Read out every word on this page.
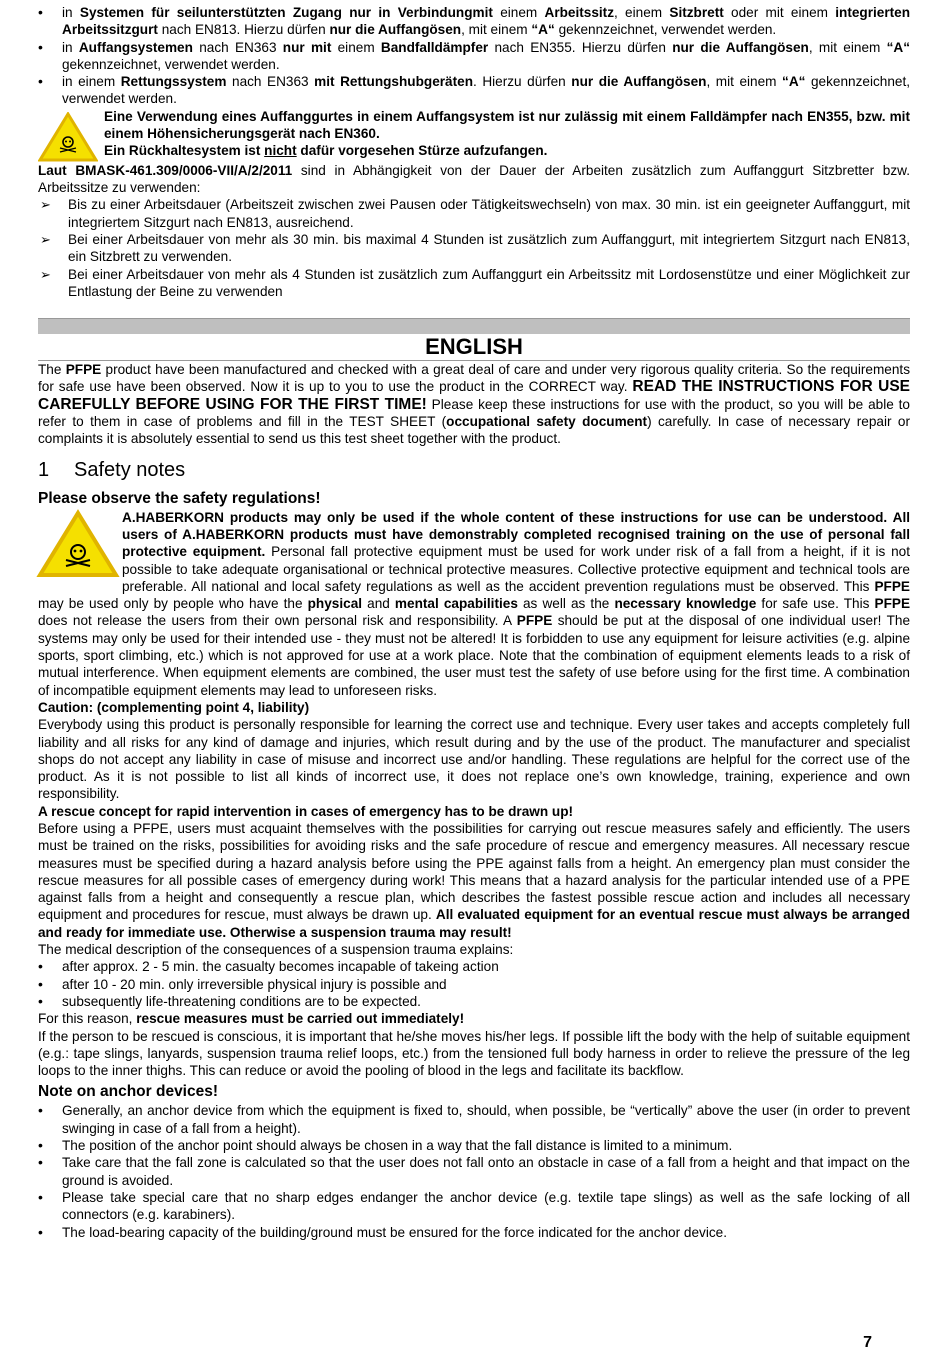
• in Systemen für seilunterstützten Zugang nur in Verbindungmit einem Arbeitssitz, einem Sitzbrett oder mit einem integrierten Arbeitssitzgurt nach EN813. Hierzu dürfen nur die Auffangösen, mit einem “A“ gekennzeichnet, verwendet werden.
• in Auffangsystemen nach EN363 nur mit einem Bandfalldämpfer nach EN355. Hierzu dürfen nur die Auffangösen, mit einem “A“ gekennzeichnet, verwendet werden.
• in einem Rettungssystem nach EN363 mit Rettungshubgeräten. Hierzu dürfen nur die Auffangösen, mit einem “A“ gekennzeichnet, verwendet werden.

Eine Verwendung eines Auffanggurtes in einem Auffangsystem ist nur zulässig mit einem Falldämpfer nach EN355, bzw. mit einem Höhensicherungsgerät nach EN360.
Ein Rückhaltesystem ist nicht dafür vorgesehen Stürze aufzufangen.

Laut BMASK-461.309/0006-VII/A/2/2011 sind in Abhängigkeit von der Dauer der Arbeiten zusätzlich zum Auffanggurt Sitzbretter bzw. Arbeitssitze zu verwenden:

➢ Bis zu einer Arbeitsdauer (Arbeitszeit zwischen zwei Pausen oder Tätigkeitswechseln) von max. 30 min. ist ein geeigneter Auffanggurt, mit integriertem Sitzgurt nach EN813, ausreichend.
➢ Bei einer Arbeitsdauer von mehr als 30 min. bis maximal 4 Stunden ist zusätzlich zum Auffanggurt, mit integriertem Sitzgurt nach EN813, ein Sitzbrett zu verwenden.
➢ Bei einer Arbeitsdauer von mehr als 4 Stunden ist zusätzlich zum Auffanggurt ein Arbeitssitz mit Lordosenstütze und einer Möglichkeit zur Entlastung der Beine zu verwenden
ENGLISH

The PFPE product have been manufactured and checked with a great deal of care and under very rigorous quality criteria. So the requirements for safe use have been observed. Now it is up to you to use the product in the CORRECT way. READ THE INSTRUCTIONS FOR USE CAREFULLY BEFORE USING FOR THE FIRST TIME! Please keep these instructions for use with the product, so you will be able to refer to them in case of problems and fill in the TEST SHEET (occupational safety document) carefully. In case of necessary repair or complaints it is absolutely essential to send us this test sheet together with the product.

1 Safety notes
Please observe the safety regulations!

A.HABERKORN products may only be used if the whole content of these instructions for use can be understood. All users of A.HABERKORN products must have demonstrably completed recognised training on the use of personal fall protective equipment. Personal fall protective equipment must be used for work under risk of a fall from a height, if it is not possible to take adequate organisational or technical protective measures. Collective protective equipment and technical tools are preferable. All national and local safety regulations as well as the accident prevention regulations must be observed. This PFPE may be used only by people who have the physical and mental capabilities as well as the necessary knowledge for safe use. This PFPE does not release the users from their own personal risk and responsibility. A PFPE should be put at the disposal of one individual user! The systems may only be used for their intended use - they must not be altered! It is forbidden to use any equipment for leisure activities (e.g. alpine sports, sport climbing, etc.) which is not approved for use at a work place. Note that the combination of equipment elements leads to a risk of mutual interference. When equipment elements are combined, the user must test the safety of use before using for the first time. A combination of incompatible equipment elements may lead to unforeseen risks.

Caution: (complementing point 4, liability)

Everybody using this product is personally responsible for learning the correct use and technique. Every user takes and accepts completely full liability and all risks for any kind of damage and injuries, which result during and by the use of the product. The manufacturer and specialist shops do not accept any liability in case of misuse and incorrect use and/or handling. These regulations are helpful for the correct use of the product. As it is not possible to list all kinds of incorrect use, it does not replace one’s own knowledge, training, experience and own responsibility.

A rescue concept for rapid intervention in cases of emergency has to be drawn up!

Before using a PFPE, users must acquaint themselves with the possibilities for carrying out rescue measures safely and efficiently. The users must be trained on the risks, possibilities for avoiding risks and the safe procedure of rescue and emergency measures. All necessary rescue measures must be specified during a hazard analysis before using the PPE against falls from a height. An emergency plan must consider the rescue measures for all possible cases of emergency during work! This means that a hazard analysis for the particular intended use of a PPE against falls from a height and consequently a rescue plan, which describes the fastest possible rescue action and includes all necessary equipment and procedures for rescue, must always be drawn up. All evaluated equipment for an eventual rescue must always be arranged and ready for immediate use. Otherwise a suspension trauma may result!

The medical description of the consequences of a suspension trauma explains:

• after approx. 2 - 5 min. the casualty becomes incapable of takeing action
• after 10 - 20 min. only irreversible physical injury is possible and
• subsequently life-threatening conditions are to be expected.

For this reason, rescue measures must be carried out immediately!

If the person to be rescued is conscious, it is important that he/she moves his/her legs. If possible lift the body with the help of suitable equipment (e.g.: tape slings, lanyards, suspension trauma relief loops, etc.) from the tensioned full body harness in order to relieve the pressure of the leg loops to the inner thighs. This can reduce or avoid the pooling of blood in the legs and facilitate its backflow.

Note on anchor devices!
• Generally, an anchor device from which the equipment is fixed to, should, when possible, be “vertically” above the user (in order to prevent swinging in case of a fall from a height).
• The position of the anchor point should always be chosen in a way that the fall distance is limited to a minimum.
• Take care that the fall zone is calculated so that the user does not fall onto an obstacle in case of a fall from a height and that impact on the ground is avoided.
• Please take special care that no sharp edges endanger the anchor device (e.g. textile tape slings) as well as the safe locking of all connectors (e.g. karabiners).
• The load-bearing capacity of the building/ground must be ensured for the force indicated for the anchor device.
7
